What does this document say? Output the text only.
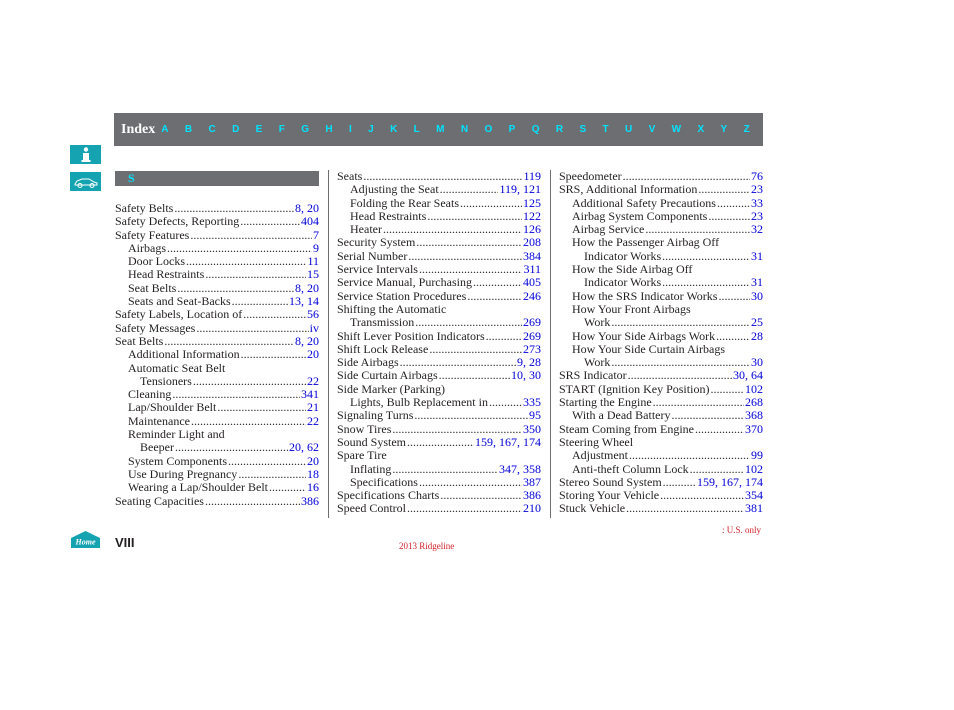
Index A B C D E F G H I J K L M N O P Q R S T U V W X Y Z
Home
S
Safety Belts .....	8, 20
Safety Defects, Reporting .....	404
Safety Features .....	7
Airbags .....	9
Door Locks .....	11
Head Restraints .....	15
Seat Belts .....	8, 20
Seats and Seat-Backs .....	13, 14
Safety Labels, Location of .....	56
Safety Messages .....	iv
Seat Belts .....	8, 20
Additional Information .....	20
Automatic Seat Belt
Tensioners .....	22
Cleaning .....	341
Lap/Shoulder Belt .....	21
Maintenance .....	22
Reminder Light and
Beeper .....	20, 62
System Components .....	20
Use During Pregnancy .....	18
Wearing a Lap/Shoulder Belt .....	16
Seating Capacities .....	386
Seats .....	119
Adjusting the Seat .....	119, 121
Folding the Rear Seats .....	125
Head Restraints .....	122
Heater .....	126
Security System .....	208
Serial Number .....	384
Service Intervals .....	311
Service Manual, Purchasing .....	405
Service Station Procedures .....	246
Shifting the Automatic
Transmission .....	269
Shift Lever Position Indicators .....	269
Shift Lock Release .....	273
Side Airbags .....	9, 28
Side Curtain Airbags .....	10, 30
Side Marker (Parking)
Lights, Bulb Replacement in .....	335
Signaling Turns .....	95
Snow Tires .....	350
Sound System .....	159, 167, 174
Spare Tire
Inflating .....	347, 358
Specifications .....	387
Specifications Charts .....	386
Speed Control .....	210
Speedometer .....	76
SRS, Additional Information .....	23
Additional Safety Precautions .....	33
Airbag System Components .....	23
Airbag Service .....	32
How the Passenger Airbag Off
Indicator Works .....	31
How the Side Airbag Off
Indicator Works .....	31
How the SRS Indicator Works .....	30
How Your Front Airbags
Work .....	25
How Your Side Airbags Work .....	28
How Your Side Curtain Airbags
Work .....	30
SRS Indicator .....	30, 64
START (Ignition Key Position) .....	102
Starting the Engine .....	268
With a Dead Battery .....	368
Steam Coming from Engine .....	370
Steering Wheel
Adjustment .....	99
Anti-theft Column Lock .....	102
Stereo Sound System .....	159, 167, 174
Storing Your Vehicle .....	354
Stuck Vehicle .....	381
VIII	2013 Ridgeline
: U.S. only
